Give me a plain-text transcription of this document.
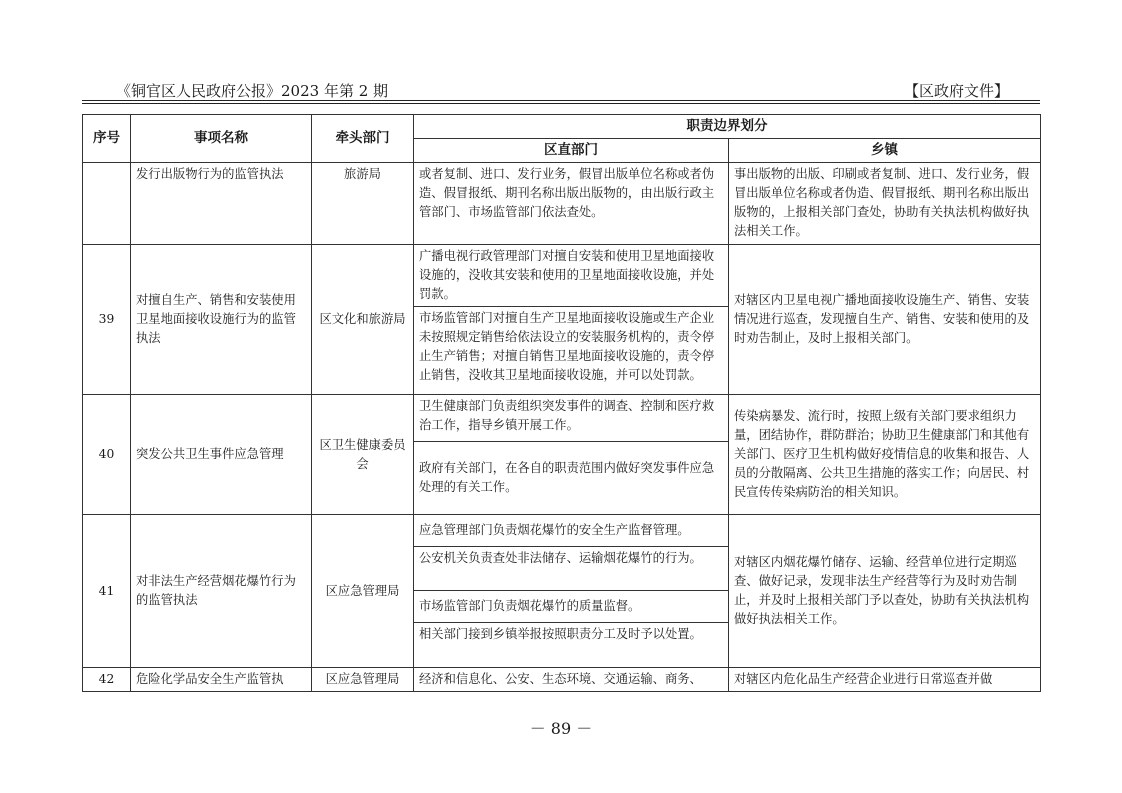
《铜官区人民政府公报》2023 年第 2 期	【区政府文件】
序号	事项名称	牵头部门	职责边界划分	
			区直部门	乡镇
	发行出版物行为的监管执法	旅游局	或者复制、进口、发行业务，假冒出版单位名称或者伪造、假冒报纸、期刊名称出版出版物的，由出版行政主管部门、市场监管部门依法查处。	事出版物的出版、印刷或者复制、进口、发行业务，假冒出版单位名称或者伪造、假冒报纸、期刊名称出版出版物的，上报相关部门查处，协助有关执法机构做好执法相关工作。
39	对擅自生产、销售和安装使用卫星地面接收设施行为的监管执法	区文化和旅游局	广播电视行政管理部门对擅自安装和使用卫星地面接收设施的，没收其安装和使用的卫星地面接收设施，并处罚款。	对辖区内卫星电视广播地面接收设施生产、销售、安装情况进行巡查，发现擅自生产、销售、安装和使用的及时劝告制止，及时上报相关部门。
			市场监管部门对擅自生产卫星地面接收设施或生产企业未按照规定销售给依法设立的安装服务机构的，责令停止生产销售；对擅自销售卫星地面接收设施的，责令停止销售，没收其卫星地面接收设施，并可以处罚款。	
40	突发公共卫生事件应急管理	区卫生健康委员会	卫生健康部门负责组织突发事件的调查、控制和医疗救治工作，指导乡镇开展工作。	传染病暴发、流行时，按照上级有关部门要求组织力量，团结协作，群防群治；协助卫生健康部门和其他有关部门、医疗卫生机构做好疫情信息的收集和报告、人员的分散隔离、公共卫生措施的落实工作；向居民、村民宣传传染病防治的相关知识。
			政府有关部门，在各自的职责范围内做好突发事件应急处理的有关工作。	
41	对非法生产经营烟花爆竹行为的监管执法	区应急管理局	应急管理部门负责烟花爆竹的安全生产监督管理。	对辖区内烟花爆竹储存、运输、经营单位进行定期巡查、做好记录，发现非法生产经营等行为及时劝告制止，并及时上报相关部门予以查处，协助有关执法机构做好执法相关工作。
			公安机关负责查处非法储存、运输烟花爆竹的行为。	
			市场监管部门负责烟花爆竹的质量监督。	
			相关部门接到乡镇举报按照职责分工及时予以处置。	
42	危险化学品安全生产监管执	区应急管理局	经济和信息化、公安、生态环境、交通运输、商务、	对辖区内危化品生产经营企业进行日常巡查并做
－ 89 －
